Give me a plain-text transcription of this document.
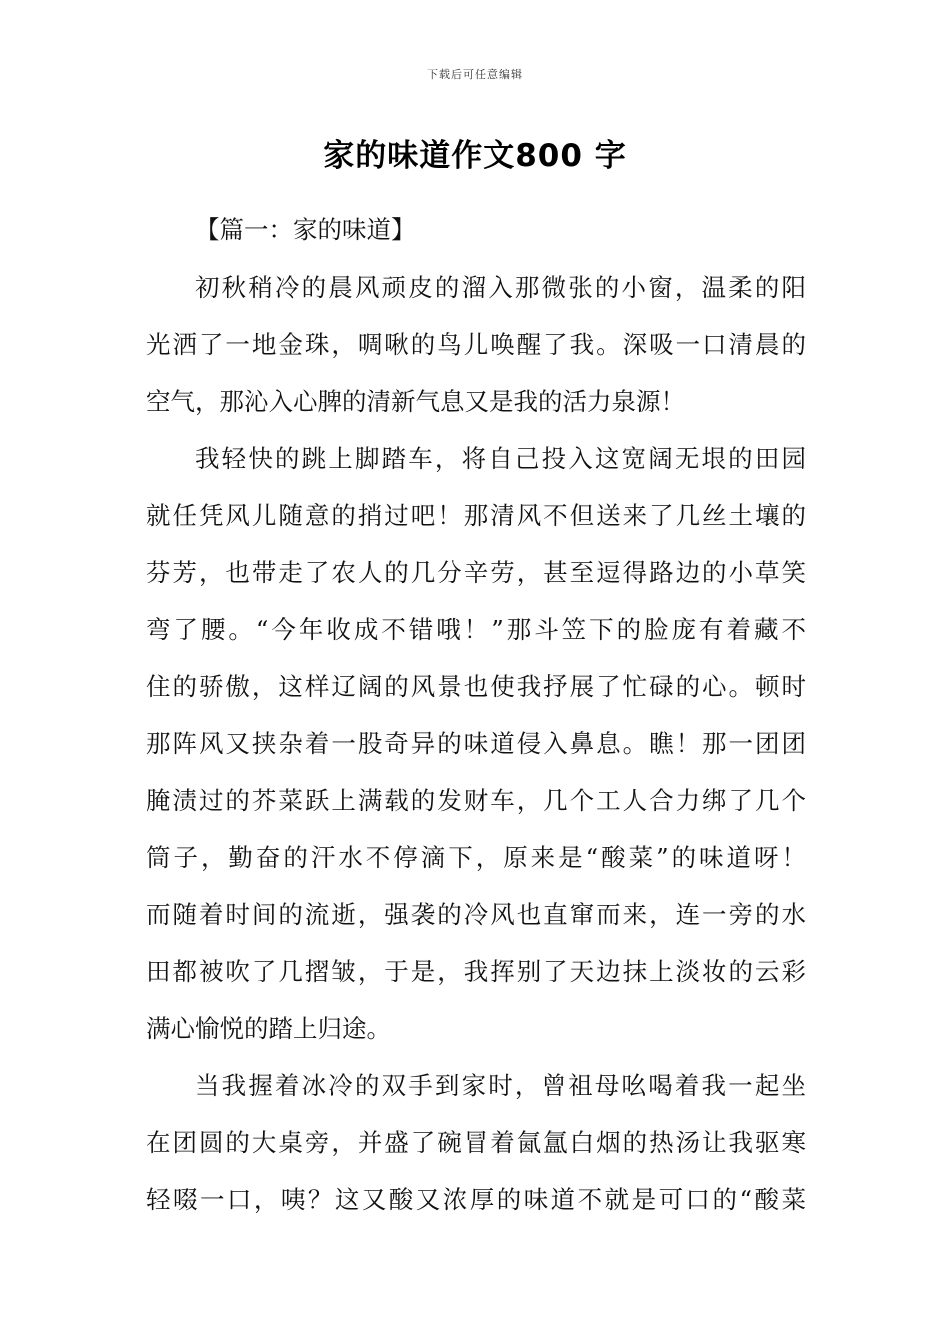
下载后可任意编辑
家的味道作文800 字
【篇一：家的味道】
初秋稍冷的晨风顽皮的溜入那微张的小窗，温柔的阳
光洒了一地金珠，啁啾的鸟儿唤醒了我。深吸一口清晨的
空气，那沁入心脾的清新气息又是我的活力泉源！
我轻快的跳上脚踏车，将自己投入这宽阔无垠的田园
就任凭风儿随意的捎过吧！那清风不但送来了几丝土壤的
芬芳，也带走了农人的几分辛劳，甚至逗得路边的小草笑
弯了腰。“今年收成不错哦！”那斗笠下的脸庞有着藏不
住的骄傲，这样辽阔的风景也使我抒展了忙碌的心。顿时
那阵风又挟杂着一股奇异的味道侵入鼻息。瞧！那一团团
腌渍过的芥菜跃上满载的发财车，几个工人合力绑了几个
筒子，勤奋的汗水不停滴下，原来是“酸菜”的味道呀！
而随着时间的流逝，强袭的冷风也直窜而来，连一旁的水
田都被吹了几摺皱，于是，我挥别了天边抹上淡妆的云彩
满心愉悦的踏上归途。
当我握着冰冷的双手到家时，曾祖母吆喝着我一起坐
在团圆的大桌旁，并盛了碗冒着氤氲白烟的热汤让我驱寒
轻啜一口，咦？这又酸又浓厚的味道不就是可口的“酸菜
